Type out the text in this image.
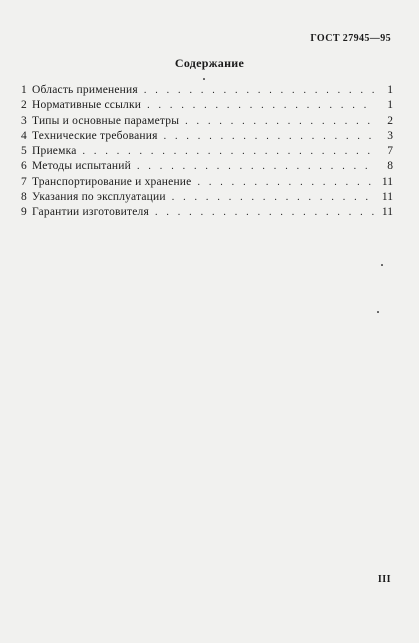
ГОСТ 27945—95
Содержание
1 Область применения . . .	1
2 Нормативные ссылки . . .	1
3 Типы и основные параметры . . .	2
4 Технические требования . . .	3
5 Приемка . . .	7
6 Методы испытаний . . .	8
7 Транспортирование и хранение . . .	11
8 Указания по эксплуатации . . .	11
9 Гарантии изготовителя . . .	11
III
